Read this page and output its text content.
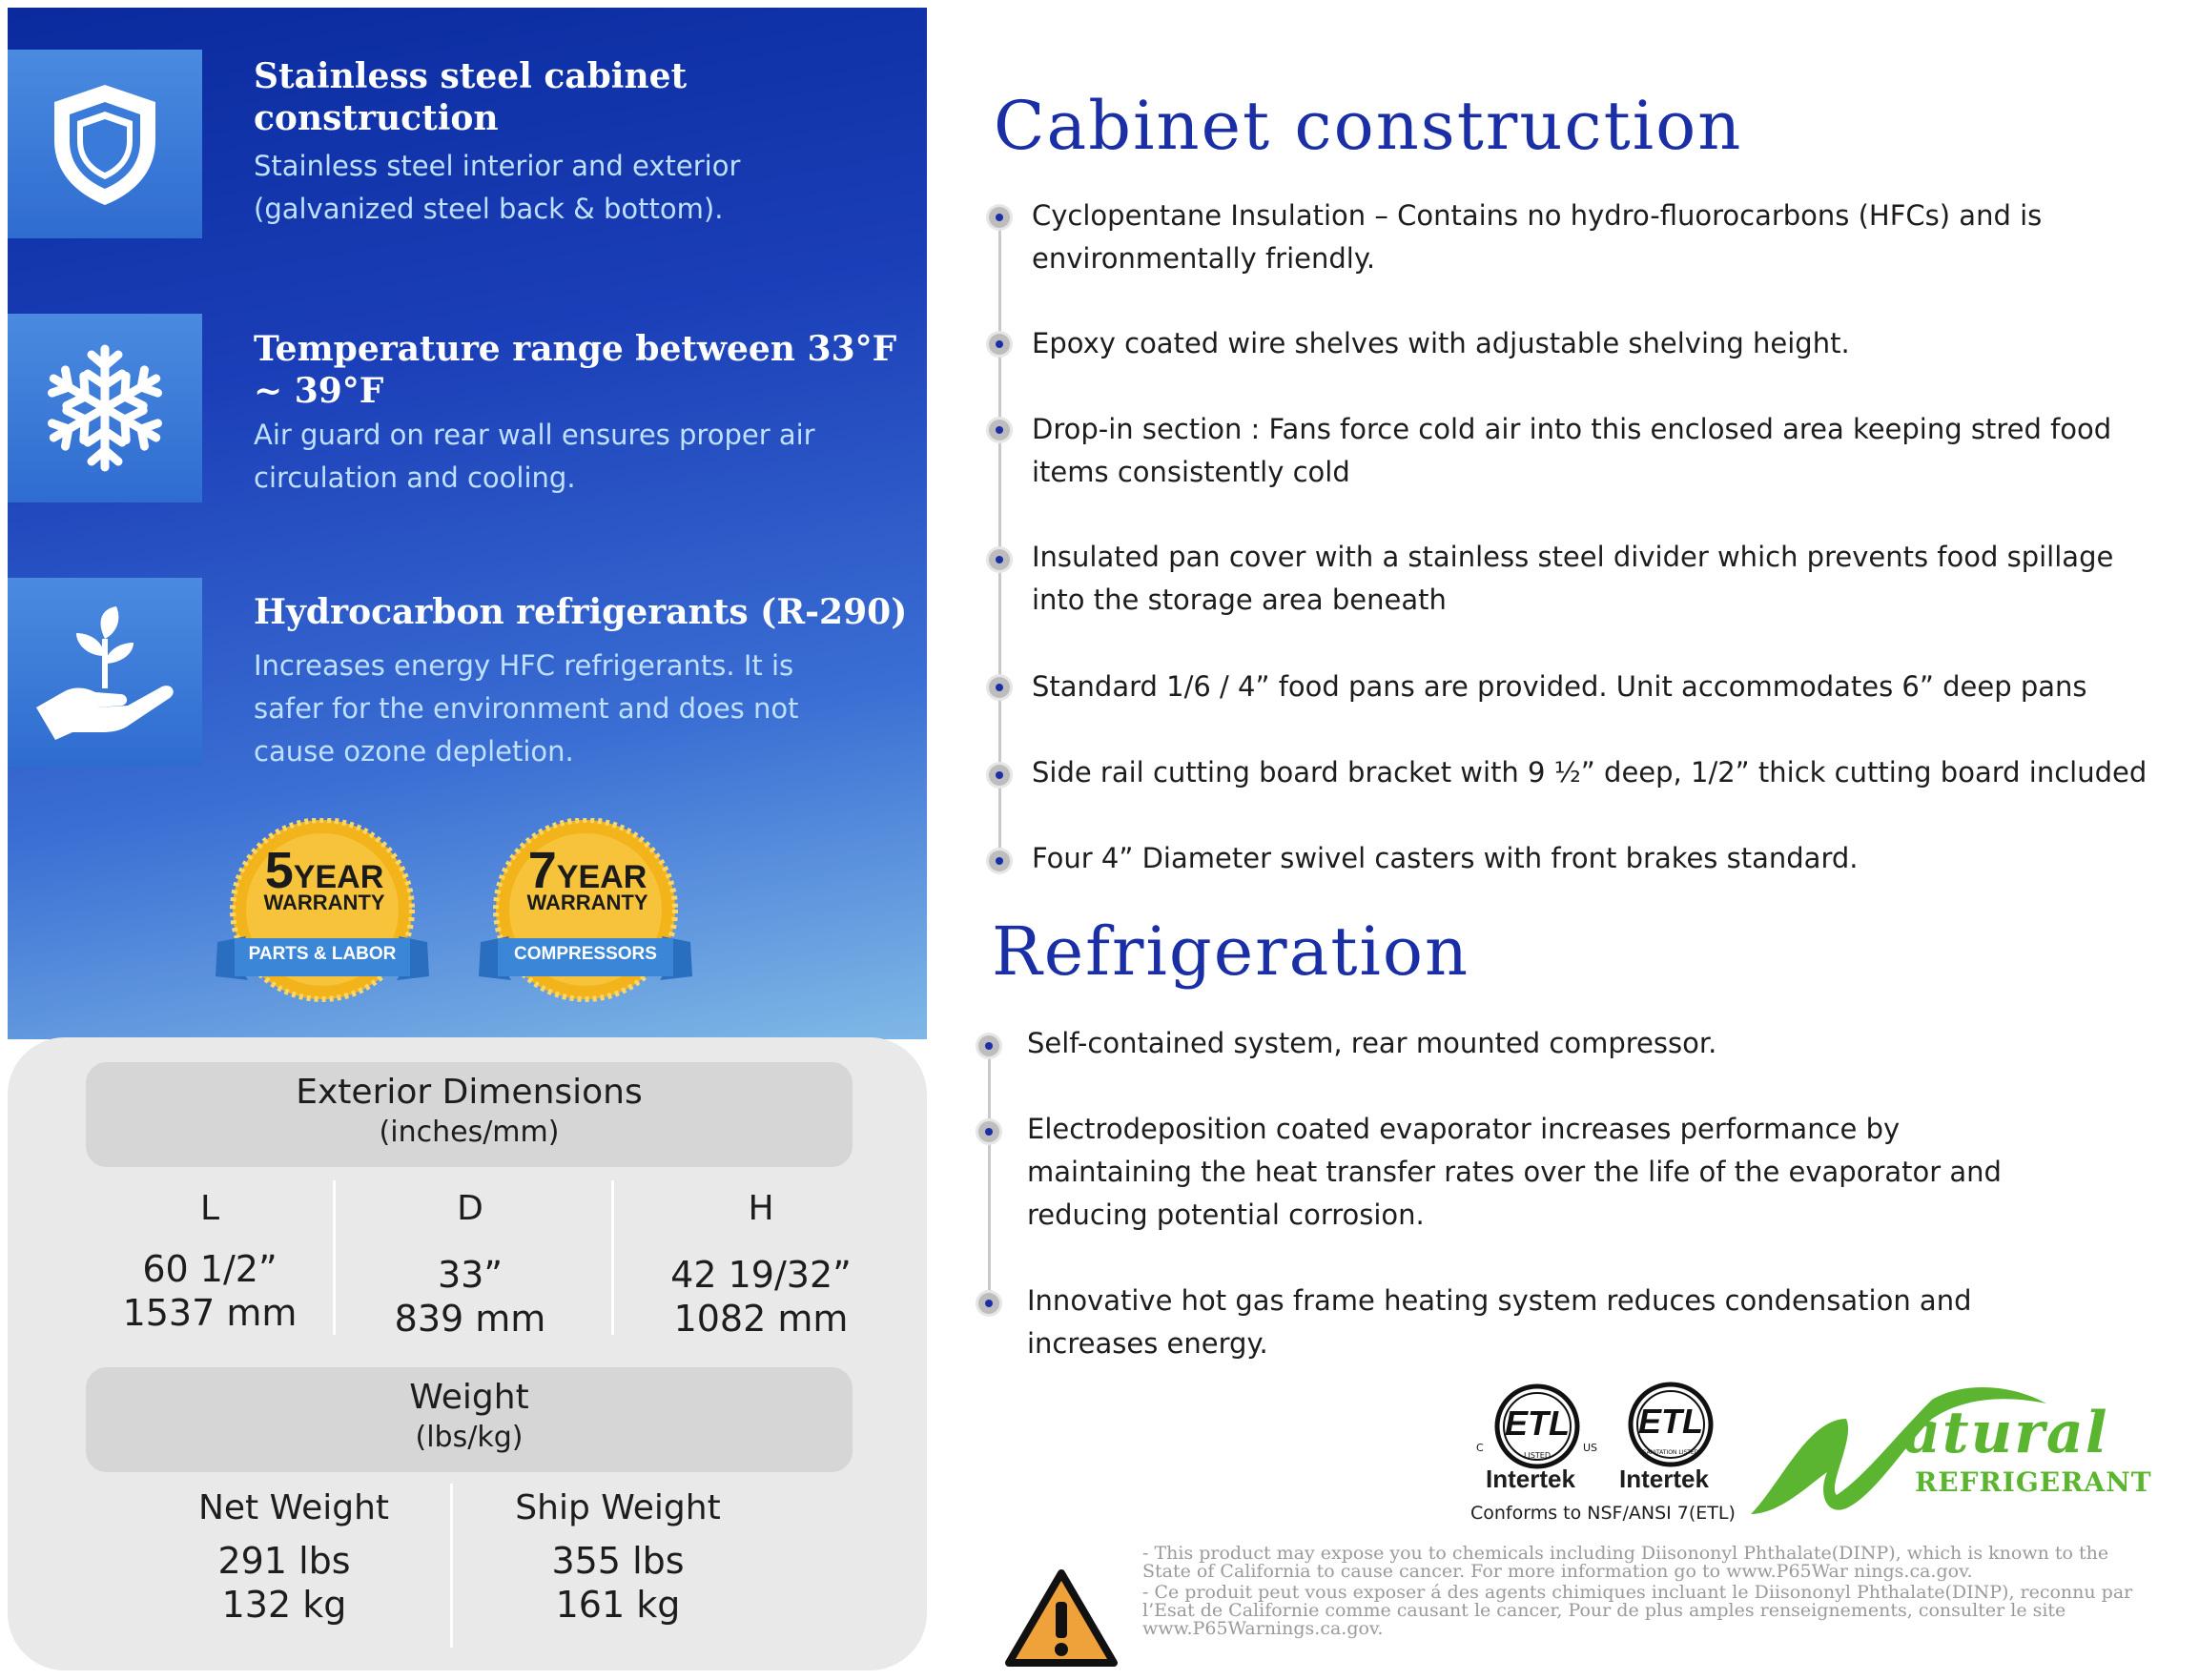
Stainless steel cabinet construction
Stainless steel interior and exterior (galvanized steel back & bottom).
Temperature range between 33°F ~ 39°F
Air guard on rear wall ensures proper air circulation and cooling.
Hydrocarbon refrigerants (R-290)
Increases energy HFC refrigerants. It is safer for the environment and does not cause ozone depletion.
5YEAR
WARRANTY
PARTS & LABOR
7YEAR
WARRANTY
COMPRESSORS
Exterior Dimensions
(inches/mm)
L
60 1/2”
1537 mm
D
33”
839 mm
H
42 19/32”
1082 mm
Weight
(lbs/kg)
Net Weight
291 lbs
132 kg
Ship Weight
355 lbs
161 kg
Cabinet construction
Cyclopentane Insulation – Contains no hydro-fluorocarbons (HFCs) and is environmentally friendly.
Epoxy coated wire shelves with adjustable shelving height.
Drop-in section : Fans force cold air into this enclosed area keeping stred food items consistently cold
Insulated pan cover with a stainless steel divider which prevents food spillage into the storage area beneath
Standard 1/6 / 4” food pans are provided. Unit accommodates 6” deep pans
Side rail cutting board bracket with 9 ½” deep, 1/2” thick cutting board included
Four 4” Diameter swivel casters with front brakes standard.
Refrigeration
Self-contained system, rear mounted compressor.
Electrodeposition coated evaporator increases performance by maintaining the heat transfer rates over the life of the evaporator and reducing potential corrosion.
Innovative hot gas frame heating system reduces condensation and increases energy.
ETL
LISTED
C	US
Intertek
ETL
SANITATION LISTED
Intertek
Conforms to NSF/ANSI 7(ETL)
atural
REFRIGERANT
- This product may expose you to chemicals including Diisononyl Phthalate(DINP), which is known to the State of California to cause cancer. For more information go to www.P65War nings.ca.gov.
- Ce produit peut vous exposer á des agents chimiques incluant le Diisononyl Phthalate(DINP), reconnu par l’Esat de Californie comme causant le cancer, Pour de plus amples renseignements, consulter le site www.P65Warnings.ca.gov.
